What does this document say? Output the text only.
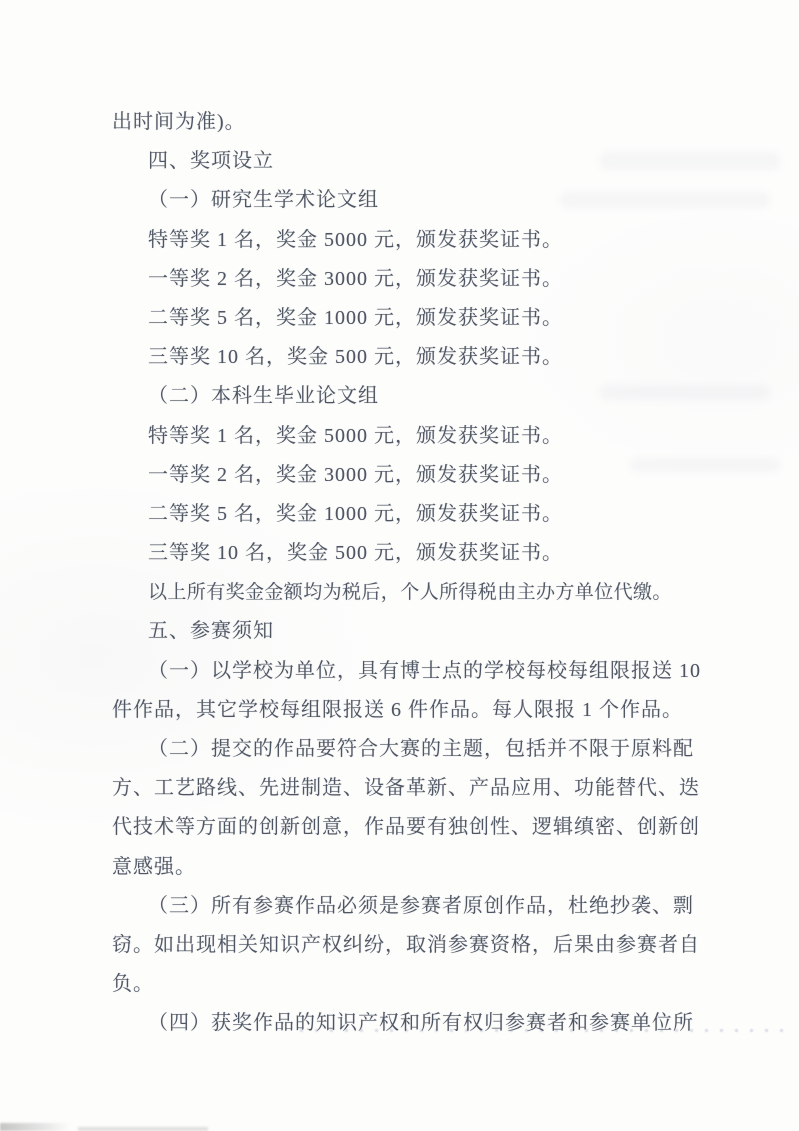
出时间为准)。
四、奖项设立
（一）研究生学术论文组
特等奖 1 名，奖金 5000 元，颁发获奖证书。
一等奖 2 名，奖金 3000 元，颁发获奖证书。
二等奖 5 名，奖金 1000 元，颁发获奖证书。
三等奖 10 名，奖金 500 元，颁发获奖证书。
（二）本科生毕业论文组
特等奖 1 名，奖金 5000 元，颁发获奖证书。
一等奖 2 名，奖金 3000 元，颁发获奖证书。
二等奖 5 名，奖金 1000 元，颁发获奖证书。
三等奖 10 名，奖金 500 元，颁发获奖证书。
以上所有奖金金额均为税后，个人所得税由主办方单位代缴。
五、参赛须知
（一）以学校为单位，具有博士点的学校每校每组限报送 10
件作品，其它学校每组限报送 6 件作品。每人限报 1 个作品。
（二）提交的作品要符合大赛的主题，包括并不限于原料配
方、工艺路线、先进制造、设备革新、产品应用、功能替代、迭
代技术等方面的创新创意，作品要有独创性、逻辑缜密、创新创
意感强。
（三）所有参赛作品必须是参赛者原创作品，杜绝抄袭、剽
窃。如出现相关知识产权纠纷，取消参赛资格，后果由参赛者自
负。
（四）获奖作品的知识产权和所有权归参赛者和参赛单位所
